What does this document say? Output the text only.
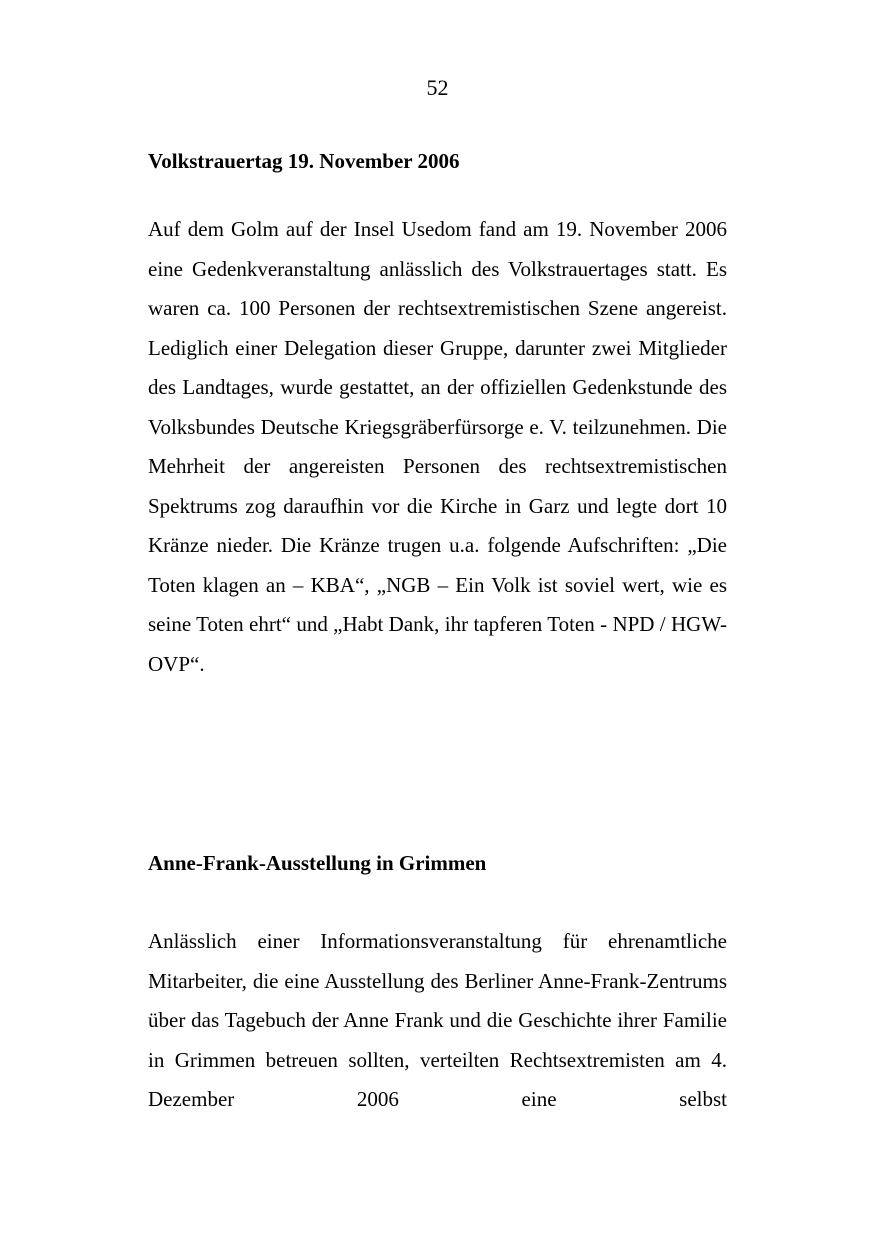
52
Volkstrauertag 19. November 2006

Auf dem Golm auf der Insel Usedom fand am 19. November 2006 eine Gedenkveranstaltung anlässlich des Volkstrauertages statt. Es waren ca. 100 Personen der rechtsextremistischen Szene angereist. Lediglich einer Delegation dieser Gruppe, darunter zwei Mitglieder des Landtages, wurde gestattet, an der offiziellen Gedenkstunde des Volksbundes Deutsche Kriegsgräberfürsorge e. V. teilzunehmen. Die Mehrheit der angereisten Personen des rechtsextremistischen Spektrums zog daraufhin vor die Kirche in Garz und legte dort 10 Kränze nieder. Die Kränze trugen u.a. folgende Aufschriften: „Die Toten klagen an – KBA“, „NGB – Ein Volk ist soviel wert, wie es seine Toten ehrt“ und „Habt Dank, ihr tapferen Toten - NPD / HGW-OVP“.

Anne-Frank-Ausstellung in Grimmen

Anlässlich einer Informationsveranstaltung für ehrenamtliche Mitarbeiter, die eine Ausstellung des Berliner Anne-Frank-Zentrums über das Tagebuch der Anne Frank und die Geschichte ihrer Familie in Grimmen betreuen sollten, verteilten Rechtsextremisten am 4. Dezember 2006 eine selbst
